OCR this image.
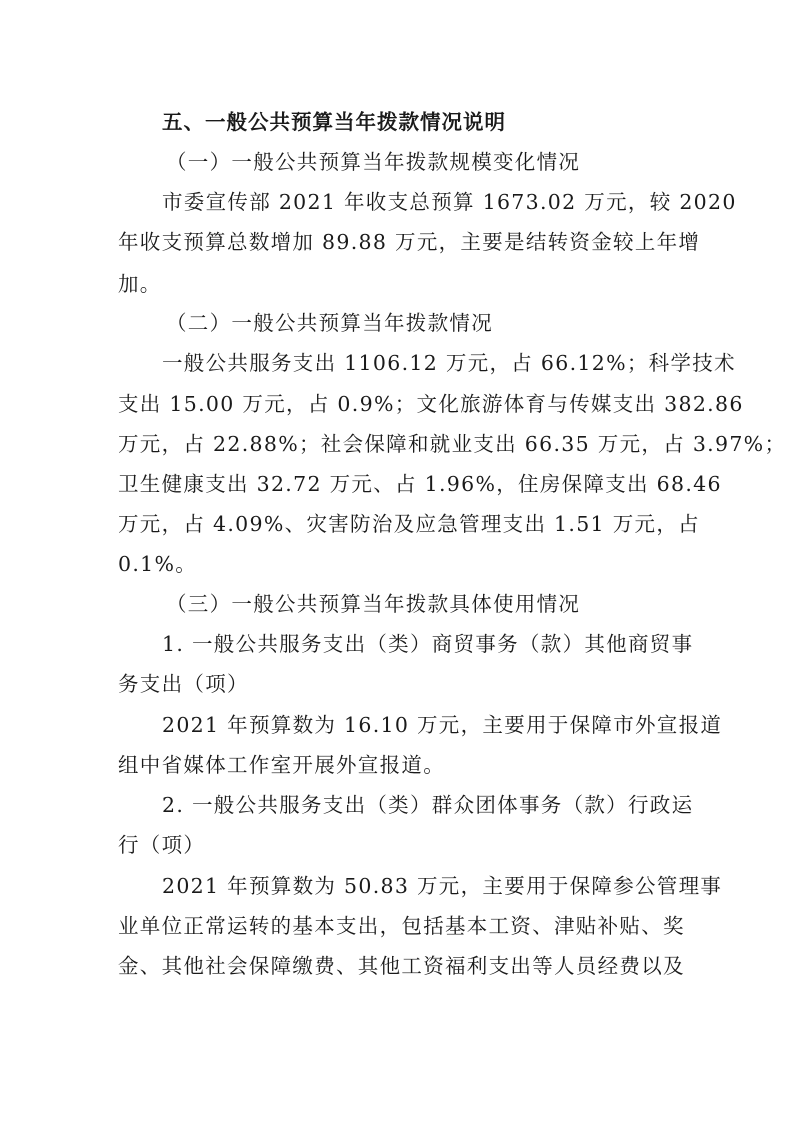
五、一般公共预算当年拨款情况说明
（一）一般公共预算当年拨款规模变化情况
市委宣传部 2021 年收支总预算 1673.02 万元，较 2020
年收支预算总数增加 89.88 万元，主要是结转资金较上年增
加。
（二）一般公共预算当年拨款情况
一般公共服务支出 1106.12 万元，占 66.12%；科学技术
支出 15.00 万元，占 0.9%；文化旅游体育与传媒支出 382.86
万元，占 22.88%；社会保障和就业支出 66.35 万元，占 3.97%；
卫生健康支出 32.72 万元、占 1.96%，住房保障支出 68.46
万元，占 4.09%、灾害防治及应急管理支出 1.51 万元，占
0.1%。
（三）一般公共预算当年拨款具体使用情况
1. 一般公共服务支出（类）商贸事务（款）其他商贸事
务支出（项）
2021 年预算数为 16.10 万元，主要用于保障市外宣报道
组中省媒体工作室开展外宣报道。
2. 一般公共服务支出（类）群众团体事务（款）行政运
行（项）
2021 年预算数为 50.83 万元，主要用于保障参公管理事
业单位正常运转的基本支出，包括基本工资、津贴补贴、奖
金、其他社会保障缴费、其他工资福利支出等人员经费以及
